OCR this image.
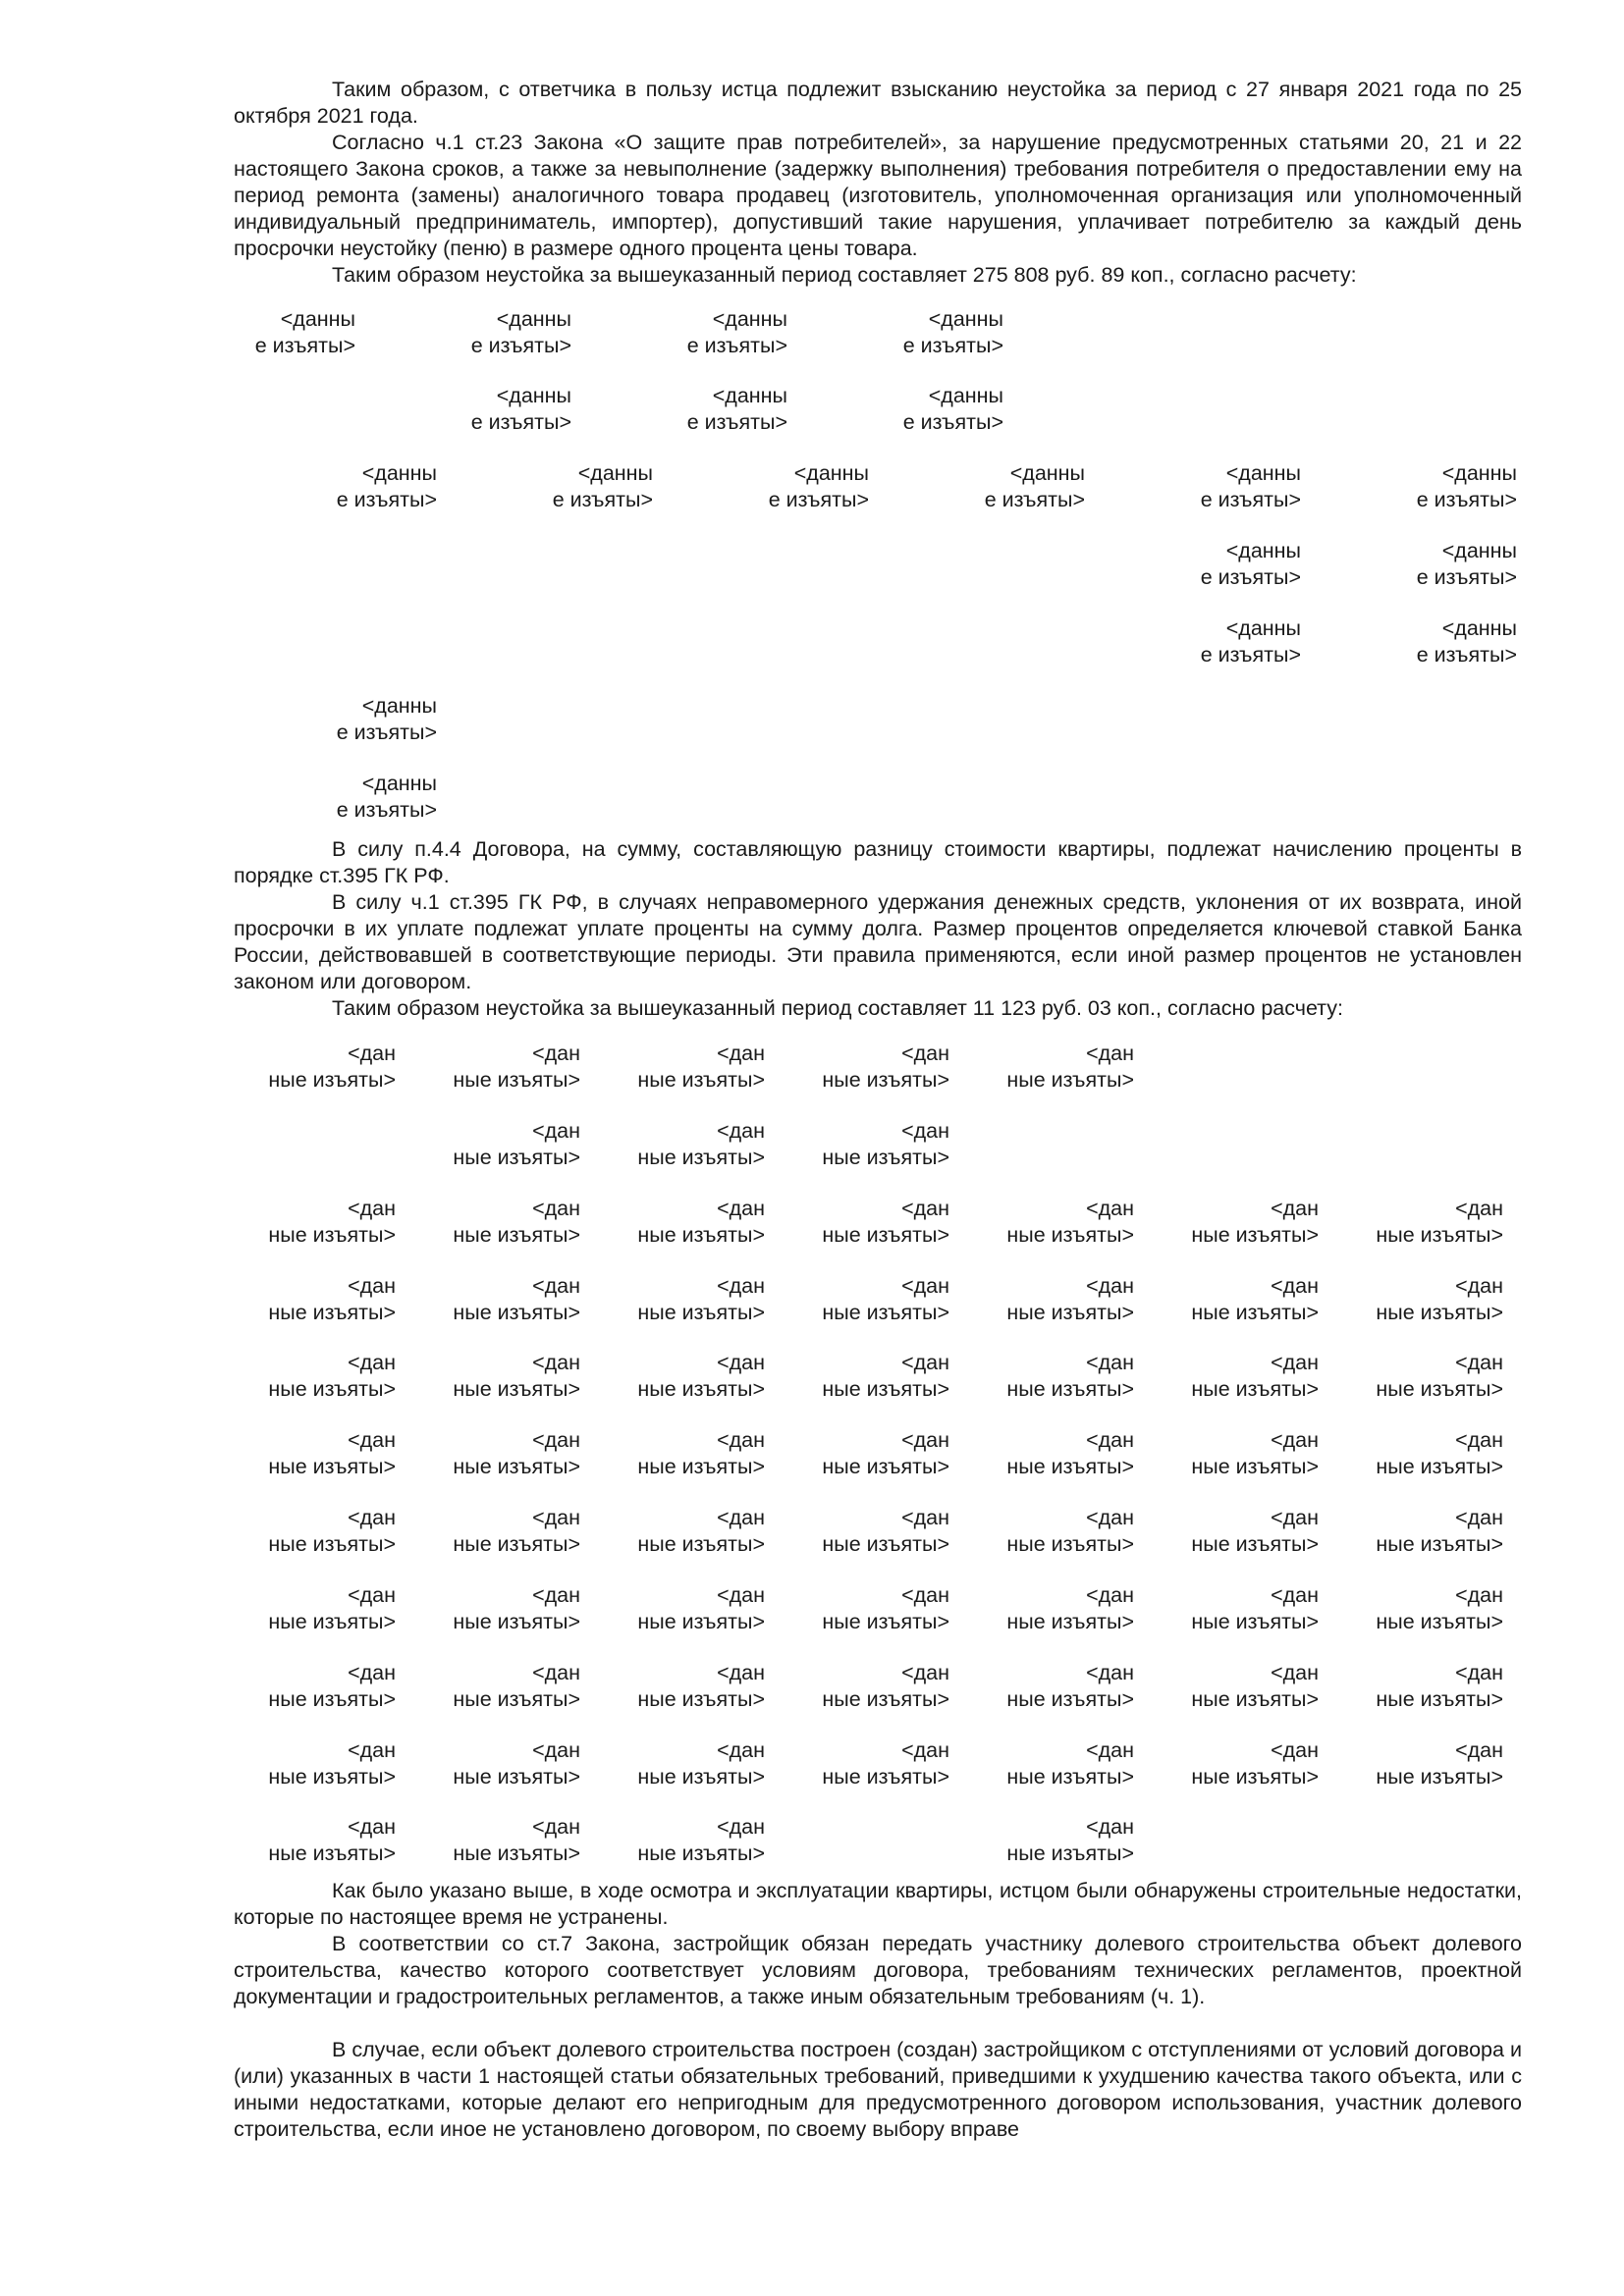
Таким образом, с ответчика в пользу истца подлежит взысканию неустойка за период с 27 января 2021 года по 25 октября 2021 года.

Согласно ч.1 ст.23 Закона «О защите прав потребителей», за нарушение предусмотренных статьями 20, 21 и 22 настоящего Закона сроков, а также за невыполнение (задержку выполнения) требования потребителя о предоставлении ему на период ремонта (замены) аналогичного товара продавец (изготовитель, уполномоченная организация или уполномоченный индивидуальный предприниматель, импортер), допустивший такие нарушения, уплачивает потребителю за каждый день просрочки неустойку (пеню) в размере одного процента цены товара.

Таким образом неустойка за вышеуказанный период составляет 275 808 руб. 89 коп., согласно расчету:

В силу п.4.4 Договора, на сумму, составляющую разницу стоимости квартиры, подлежат начислению проценты в порядке ст.395 ГК РФ.

В силу ч.1 ст.395 ГК РФ, в случаях неправомерного удержания денежных средств, уклонения от их возврата, иной просрочки в их уплате подлежат уплате проценты на сумму долга. Размер процентов определяется ключевой ставкой Банка России, действовавшей в соответствующие периоды. Эти правила применяются, если иной размер процентов не установлен законом или договором.

Таким образом неустойка за вышеуказанный период составляет 11 123 руб. 03 коп., согласно расчету:

Как было указано выше, в ходе осмотра и эксплуатации квартиры, истцом были обнаружены строительные недостатки, которые по настоящее время не устранены.

В соответствии со ст.7 Закона, застройщик обязан передать участнику долевого строительства объект долевого строительства, качество которого соответствует условиям договора, требованиям технических регламентов, проектной документации и градостроительных регламентов, а также иным обязательным требованиям (ч. 1).

В случае, если объект долевого строительства построен (создан) застройщиком с отступлениями от условий договора и (или) указанных в части 1 настоящей статьи обязательных требований, приведшими к ухудшению качества такого объекта, или с иными недостатками, которые делают его непригодным для предусмотренного договором использования, участник долевого строительства, если иное не установлено договором, по своему выбору вправе

<данны
е изъяты>
<данны
е изъяты>
<данны
е изъяты>
<данны
е изъяты>
<данны
е изъяты>
<данны
е изъяты>
<данны
е изъяты>
<данны
е изъяты>
<данны
е изъяты>
<данны
е изъяты>
<данны
е изъяты>
<данны
е изъяты>
<данны
е изъяты>
<данны
е изъяты>
<данны
е изъяты>
<данны
е изъяты>
<данны
е изъяты>
<данны
е изъяты>
<данны
е изъяты>
<дан
ные изъяты>
<дан
ные изъяты>
<дан
ные изъяты>
<дан
ные изъяты>
<дан
ные изъяты>
<дан
ные изъяты>
<дан
ные изъяты>
<дан
ные изъяты>
<дан
ные изъяты>
<дан
ные изъяты>
<дан
ные изъяты>
<дан
ные изъяты>
<дан
ные изъяты>
<дан
ные изъяты>
<дан
ные изъяты>
<дан
ные изъяты>
<дан
ные изъяты>
<дан
ные изъяты>
<дан
ные изъяты>
<дан
ные изъяты>
<дан
ные изъяты>
<дан
ные изъяты>
<дан
ные изъяты>
<дан
ные изъяты>
<дан
ные изъяты>
<дан
ные изъяты>
<дан
ные изъяты>
<дан
ные изъяты>
<дан
ные изъяты>
<дан
ные изъяты>
<дан
ные изъяты>
<дан
ные изъяты>
<дан
ные изъяты>
<дан
ные изъяты>
<дан
ные изъяты>
<дан
ные изъяты>
<дан
ные изъяты>
<дан
ные изъяты>
<дан
ные изъяты>
<дан
ные изъяты>
<дан
ные изъяты>
<дан
ные изъяты>
<дан
ные изъяты>
<дан
ные изъяты>
<дан
ные изъяты>
<дан
ные изъяты>
<дан
ные изъяты>
<дан
ные изъяты>
<дан
ные изъяты>
<дан
ные изъяты>
<дан
ные изъяты>
<дан
ные изъяты>
<дан
ные изъяты>
<дан
ные изъяты>
<дан
ные изъяты>
<дан
ные изъяты>
<дан
ные изъяты>
<дан
ные изъяты>
<дан
ные изъяты>
<дан
ные изъяты>
<дан
ные изъяты>
<дан
ные изъяты>
<дан
ные изъяты>
<дан
ные изъяты>
<дан
ные изъяты>
<дан
ные изъяты>
<дан
ные изъяты>
<дан
ные изъяты>
